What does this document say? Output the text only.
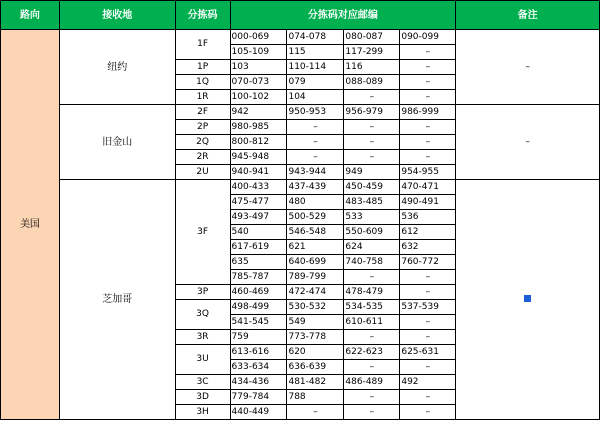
路向	接收地	分拣码	分拣码对应邮编				备注
美国	纽约	1F	000-069	074-078	080-087	090-099	–
			105-109	115	117-299	–	
		1P	103	110-114	116	–	
		1Q	070-073	079	088-089	–	
		1R	100-102	104	–	–	
	旧金山	2F	942	950-953	956-979	986-999	–
		2P	980-985	–	–	–	
		2Q	800-812	–	–	–	
		2R	945-948	–	–	–	
		2U	940-941	943-944	949	954-955	
	芝加哥	3F	400-433	437-439	450-459	470-471	
			475-477	480	483-485	490-491	
			493-497	500-529	533	536	
			540	546-548	550-609	612	
			617-619	621	624	632	
			635	640-699	740-758	760-772	
			785-787	789-799	–	–	
		3P	460-469	472-474	478-479	–	
		3Q	498-499	530-532	534-535	537-539	
			541-545	549	610-611	–	
		3R	759	773-778	–	–	
		3U	613-616	620	622-623	625-631	
			633-634	636-639	–	–	
		3C	434-436	481-482	486-489	492	
		3D	779-784	788	–	–	
		3H	440-449	–	–	–	
